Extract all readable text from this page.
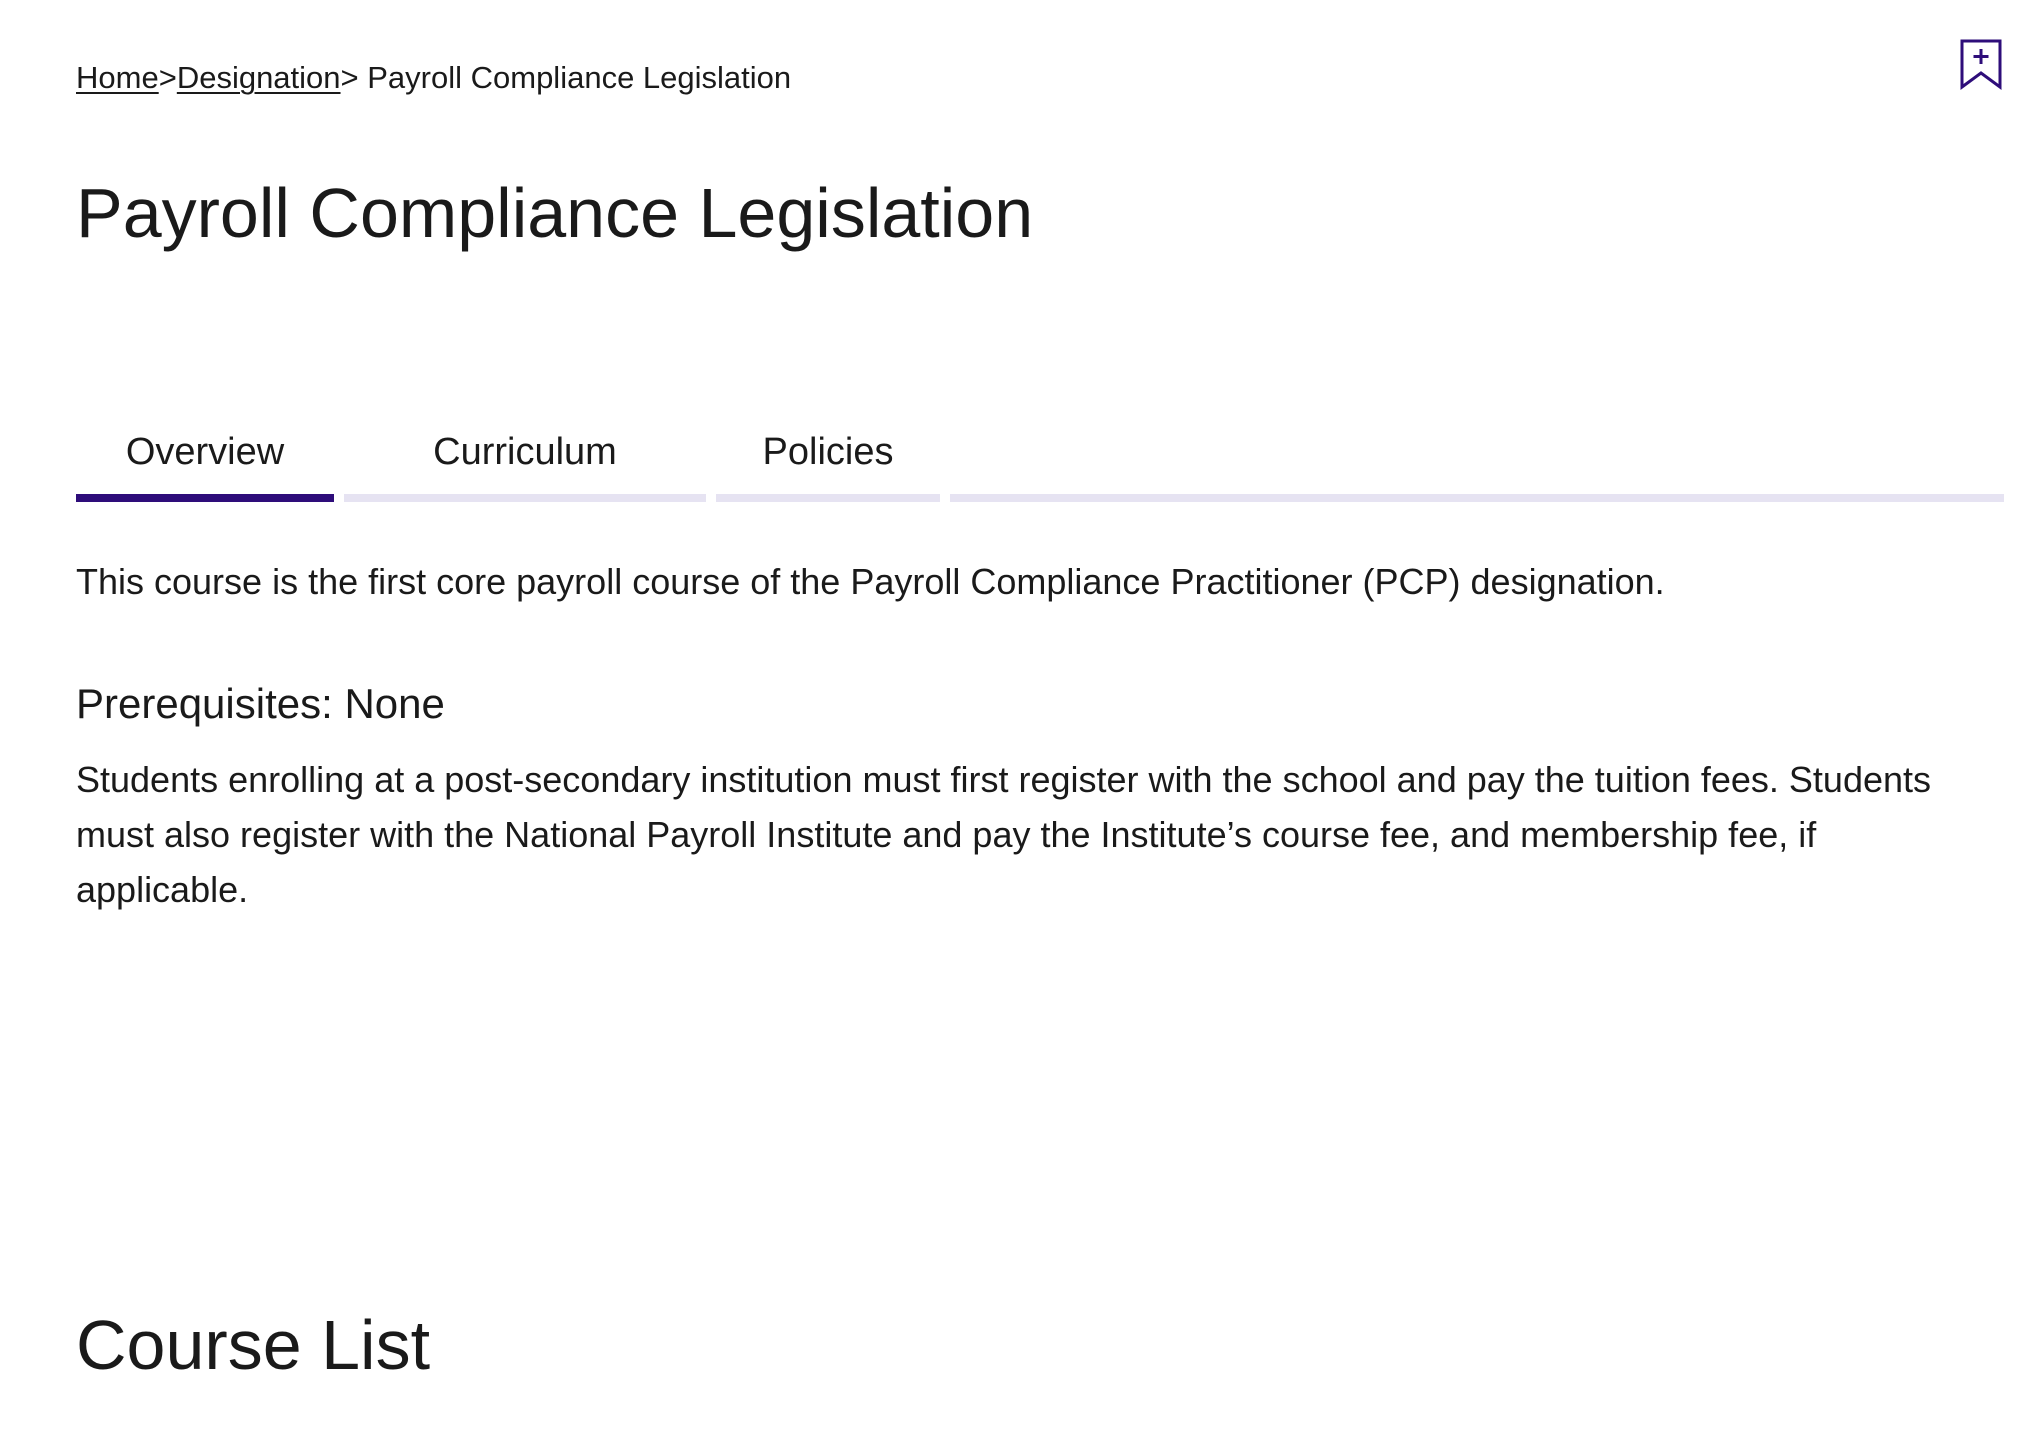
Home>Designation> Payroll Compliance Legislation
Payroll Compliance Legislation
Overview	Curriculum	Policies

This course is the first core payroll course of the Payroll Compliance Practitioner (PCP) designation.

Prerequisites: None

Students enrolling at a post-secondary institution must first register with the school and pay the tuition fees. Students must also register with the National Payroll Institute and pay the Institute’s course fee, and membership fee, if applicable.

Course List
